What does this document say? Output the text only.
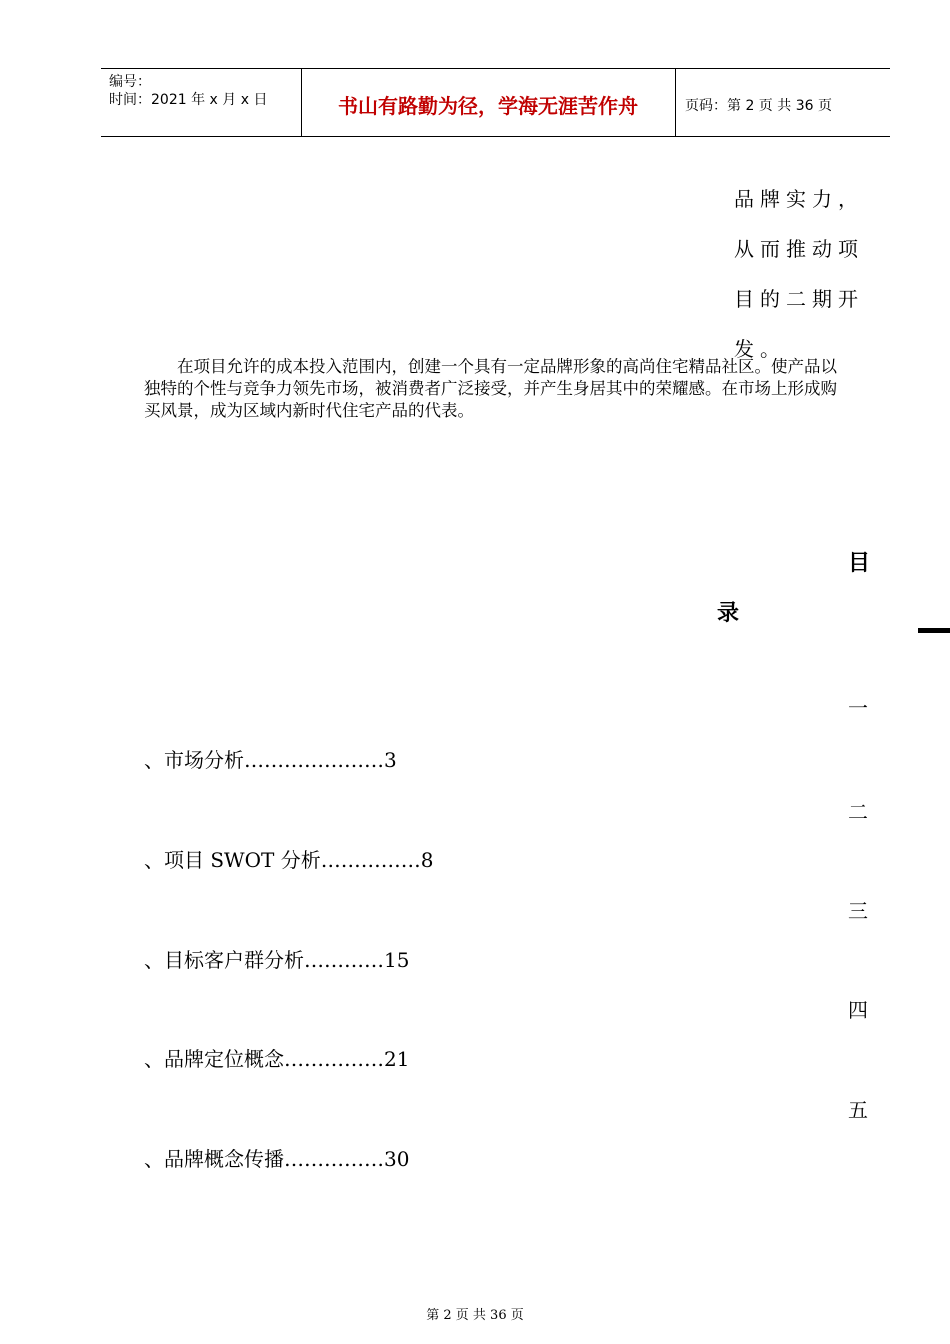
编号：
时间：2021 年 x 月 x 日	书山有路勤为径，学海无涯苦作舟	页码：第 2 页 共 36 页
品牌实力，
从而推动项
目的二期开
发。
在项目允许的成本投入范围内，创建一个具有一定品牌形象的高尚住宅精品社区。使产品以独特的个性与竞争力领先市场，被消费者广泛接受，并产生身居其中的荣耀感。在市场上形成购买风景，成为区域内新时代住宅产品的代表。
目
录
一
、市场分析…………………3
二
、项目 SWOT 分析……………8
三
、目标客户群分析…………15
四
、品牌定位概念……………21
五
、品牌概念传播……………30
第 2 页 共 36 页
